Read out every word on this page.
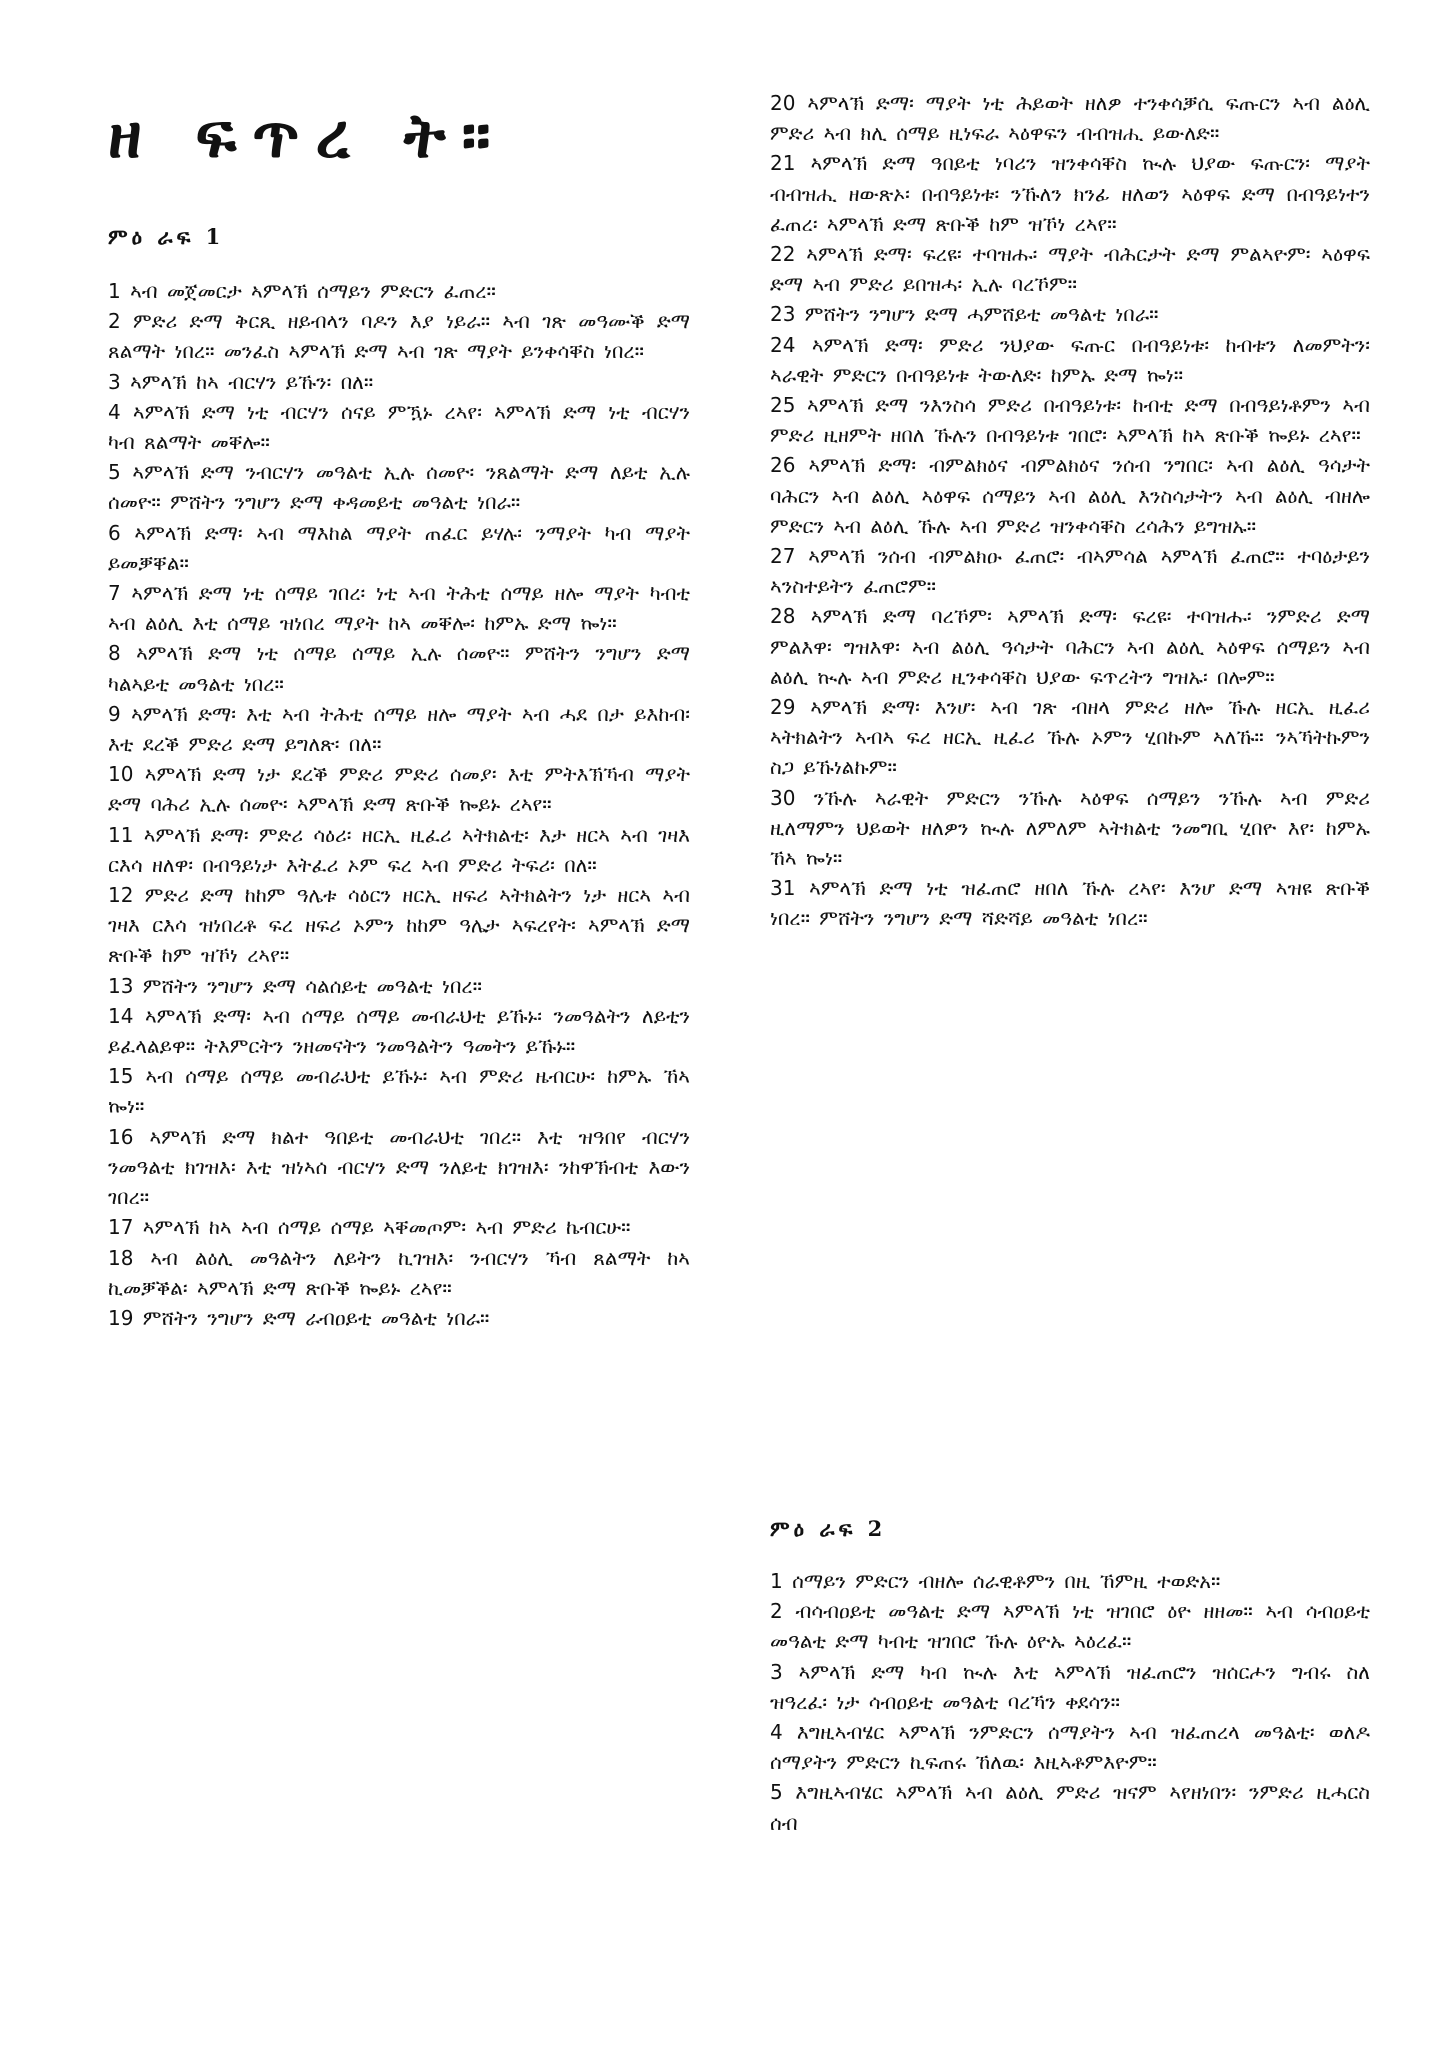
ዘ ፍጥረ ት።
ምዕ ራፍ 1

1 ኣብ መጀመርታ ኣምላኽ ሰማይን ምድርን ፈጠረ።

2 ምድሪ ድማ ቅርጺ ዘይብላን ባዶን እያ ነይራ። ኣብ ገጽ መዓሙቕ ድማ ጸልማት ነበረ። መንፈስ ኣምላኽ ድማ ኣብ ገጽ ማያት ይንቀሳቐስ ነበረ።

3 ኣምላኽ ከኣ ብርሃን ይኹን፡ በለ።

4 ኣምላኽ ድማ ነቲ ብርሃን ሰናይ ምዃኑ ረኣየ፡ ኣምላኽ ድማ ነቲ ብርሃን ካብ ጸልማት መቐሎ።

5 ኣምላኽ ድማ ንብርሃን መዓልቲ ኢሉ ሰመዮ፡ ንጸልማት ድማ ለይቲ ኢሉ ሰመዮ። ምሸትን ንግሆን ድማ ቀዳመይቲ መዓልቲ ነበራ።

6 ኣምላኽ ድማ፡ ኣብ ማእከል ማያት ጠፈር ይሃሉ፡ ንማያት ካብ ማያት ይመቓቐል።

7 ኣምላኽ ድማ ነቲ ሰማይ ገበረ፡ ነቲ ኣብ ትሕቲ ሰማይ ዘሎ ማያት ካብቲ ኣብ ልዕሊ እቲ ሰማይ ዝነበረ ማያት ከኣ መቐሎ፡ ከምኡ ድማ ኰነ።

8 ኣምላኽ ድማ ነቲ ሰማይ ሰማይ ኢሉ ሰመዮ። ምሸትን ንግሆን ድማ ካልኣይቲ መዓልቲ ነበረ።

9 ኣምላኽ ድማ፡ እቲ ኣብ ትሕቲ ሰማይ ዘሎ ማያት ኣብ ሓደ በታ ይእከብ፡ እቲ ደረቕ ምድሪ ድማ ይግለጽ፡ በለ።

10 ኣምላኽ ድማ ነታ ደረቕ ምድሪ ምድሪ ሰመያ፡ እቲ ምትእኽኻብ ማያት ድማ ባሕሪ ኢሉ ሰመዮ፡ ኣምላኽ ድማ ጽቡቕ ኰይኑ ረኣየ።

11 ኣምላኽ ድማ፡ ምድሪ ሳዕሪ፡ ዘርኢ ዚፈሪ ኣትክልቲ፡ እታ ዘርኣ ኣብ ገዛእ ርእሳ ዘለዋ፡ በብዓይነታ እትፈሪ ኦም ፍረ ኣብ ምድሪ ትፍሪ፡ በለ።

12 ምድሪ ድማ ከከም ዓሌቱ ሳዕርን ዘርኢ ዘፍሪ ኣትክልትን ነታ ዘርኣ ኣብ ገዛእ ርእሳ ዝነበረቶ ፍረ ዘፍሪ ኦምን ከከም ዓሌታ ኣፍረየት፡ ኣምላኽ ድማ ጽቡቕ ከም ዝኾነ ረኣየ።

13 ምሸትን ንግሆን ድማ ሳልሰይቲ መዓልቲ ነበረ።

14 ኣምላኽ ድማ፡ ኣብ ሰማይ ሰማይ መብራህቲ ይኹኑ፡ ንመዓልትን ለይቲን ይፈላልይዋ። ትእምርትን ንዘመናትን ንመዓልትን ዓመትን ይኹኑ።

15 ኣብ ሰማይ ሰማይ መብራህቲ ይኹኑ፡ ኣብ ምድሪ ዜብርሁ፡ ከምኡ ኸኣ ኰነ።

16 ኣምላኽ ድማ ክልተ ዓበይቲ መብራህቲ ገበረ። እቲ ዝዓበየ ብርሃን ንመዓልቲ ክገዝእ፡ እቲ ዝነኣሰ ብርሃን ድማ ንለይቲ ክገዝእ፡ ንከዋኽብቲ እውን ገበረ።

17 ኣምላኽ ከኣ ኣብ ሰማይ ሰማይ ኣቐመጦም፡ ኣብ ምድሪ ኬብርሁ።

18 ኣብ ልዕሊ መዓልትን ለይትን ኪገዝእ፡ ንብርሃን ኻብ ጸልማት ከኣ ኪመቓቕል፡ ኣምላኽ ድማ ጽቡቕ ኰይኑ ረኣየ።

19 ምሸትን ንግሆን ድማ ራብዐይቲ መዓልቲ ነበራ።

20 ኣምላኽ ድማ፡ ማያት ነቲ ሕይወት ዘለዎ ተንቀሳቓሲ ፍጡርን ኣብ ልዕሊ ምድሪ ኣብ ክሊ ሰማይ ዚነፍራ ኣዕዋፍን ብብዝሒ ይውለድ።

21 ኣምላኽ ድማ ዓበይቲ ነባሪን ዝንቀሳቐስ ኲሉ ህያው ፍጡርን፡ ማያት ብብዝሒ ዘውጽኦ፡ በብዓይነቱ፡ ንኹለን ክንፊ ዘለወን ኣዕዋፍ ድማ በብዓይነተን ፈጠረ፡ ኣምላኽ ድማ ጽቡቕ ከም ዝኾነ ረኣየ።

22 ኣምላኽ ድማ፡ ፍረዩ፡ ተባዝሑ፡ ማያት ብሕርታት ድማ ምልኣዮም፡ ኣዕዋፍ ድማ ኣብ ምድሪ ይበዝሓ፡ ኢሉ ባረኾም።

23 ምሸትን ንግሆን ድማ ሓምሸይቲ መዓልቲ ነበራ።

24 ኣምላኽ ድማ፡ ምድሪ ንህያው ፍጡር በብዓይነቱ፡ ከብቱን ለመምትን፡ ኣራዊት ምድርን በብዓይነቱ ትውለድ፡ ከምኡ ድማ ኰነ።

25 ኣምላኽ ድማ ንእንስሳ ምድሪ በብዓይነቱ፡ ከብቲ ድማ በብዓይነቶምን ኣብ ምድሪ ዚዘምት ዘበለ ኹሉን በብዓይነቱ ገበሮ፡ ኣምላኽ ከኣ ጽቡቕ ኰይኑ ረኣየ።

26 ኣምላኽ ድማ፡ ብምልክዕና ብምልክዕና ንሰብ ንግበር፡ ኣብ ልዕሊ ዓሳታት ባሕርን ኣብ ልዕሊ ኣዕዋፍ ሰማይን ኣብ ልዕሊ እንስሳታትን ኣብ ልዕሊ ብዘሎ ምድርን ኣብ ልዕሊ ኹሉ ኣብ ምድሪ ዝንቀሳቐስ ረሳሕን ይግዝኡ።

27 ኣምላኽ ንሰብ ብምልክዑ ፈጠሮ፡ ብኣምሳል ኣምላኽ ፈጠሮ። ተባዕታይን ኣንስተይትን ፈጠሮም።

28 ኣምላኽ ድማ ባረኾም፡ ኣምላኽ ድማ፡ ፍረዩ፡ ተባዝሑ፡ ንምድሪ ድማ ምልእዋ፡ ግዝእዋ፡ ኣብ ልዕሊ ዓሳታት ባሕርን ኣብ ልዕሊ ኣዕዋፍ ሰማይን ኣብ ልዕሊ ኲሉ ኣብ ምድሪ ዚንቀሳቐስ ህያው ፍጥረትን ግዝኡ፡ በሎም።

29 ኣምላኽ ድማ፡ እንሆ፡ ኣብ ገጽ ብዘላ ምድሪ ዘሎ ኹሉ ዘርኢ ዚፈሪ ኣትክልትን ኣብኣ ፍረ ዘርኢ ዚፈሪ ኹሉ ኦምን ሂበኩም ኣለኹ። ንኣኻትኩምን ስጋ ይኹነልኩም።

30 ንኹሉ ኣራዊት ምድርን ንኹሉ ኣዕዋፍ ሰማይን ንኹሉ ኣብ ምድሪ ዚለማምን ህይወት ዘለዎን ኲሉ ለምለም ኣትክልቲ ንመግቢ ሂበዮ እየ፡ ከምኡ ኸኣ ኰነ።

31 ኣምላኽ ድማ ነቲ ዝፈጠሮ ዘበለ ኹሉ ረኣየ፡ እንሆ ድማ ኣዝዩ ጽቡቕ ነበረ። ምሸትን ንግሆን ድማ ሻድሻይ መዓልቲ ነበረ።

ምዕ ራፍ 2

1 ሰማይን ምድርን ብዘሎ ሰራዊቶምን በዚ ኸምዚ ተወድአ።

2 ብሳብዐይቲ መዓልቲ ድማ ኣምላኽ ነቲ ዝገበሮ ዕዮ ዘዘመ። ኣብ ሳብዐይቲ መዓልቲ ድማ ካብቲ ዝገበሮ ኹሉ ዕዮኡ ኣዕረፈ።

3 ኣምላኽ ድማ ካብ ኲሉ እቲ ኣምላኽ ዝፈጠሮን ዝሰርሖን ግብሩ ስለ ዝዓረፈ፡ ነታ ሳብዐይቲ መዓልቲ ባረኻን ቀደሳን።

4 እግዚኣብሄር ኣምላኽ ንምድርን ሰማያትን ኣብ ዝፈጠረላ መዓልቲ፡ ወለዶ ሰማያትን ምድርን ኪፍጠሩ ኸለዉ፡ እዚኣቶምእዮም።

5 እግዚኣብሄር ኣምላኽ ኣብ ልዕሊ ምድሪ ዝናም ኣየዘነበን፡ ንምድሪ ዚሓርስ ሰብ
